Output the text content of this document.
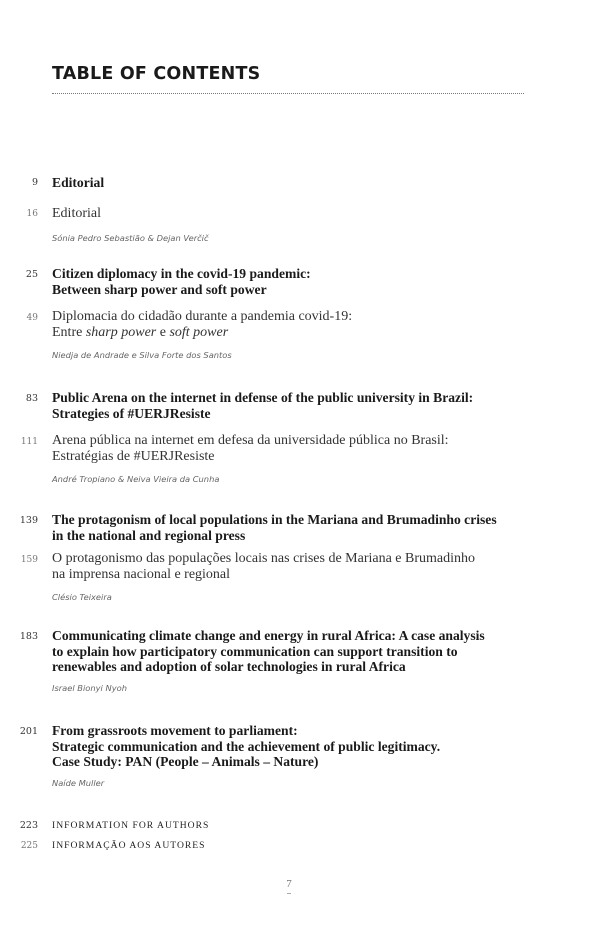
TABLE OF CONTENTS
9 Editorial
16 Editorial
Sónia Pedro Sebastião & Dejan Verčič
25 Citizen diplomacy in the covid-19 pandemic:
Between sharp power and soft power
49 Diplomacia do cidadão durante a pandemia covid-19:
Entre sharp power e soft power
Niedja de Andrade e Silva Forte dos Santos
83 Public Arena on the internet in defense of the public university in Brazil:
Strategies of #UERJResiste
111 Arena pública na internet em defesa da universidade pública no Brasil:
Estratégias de #UERJResiste
André Tropiano & Neiva Vieira da Cunha
139 The protagonism of local populations in the Mariana and Brumadinho crises
in the national and regional press
159 O protagonismo das populações locais nas crises de Mariana e Brumadinho
na imprensa nacional e regional
Clésio Teixeira
183 Communicating climate change and energy in rural Africa: A case analysis
to explain how participatory communication can support transition to
renewables and adoption of solar technologies in rural Africa
Israel Bionyi Nyoh
201 From grassroots movement to parliament:
Strategic communication and the achievement of public legitimacy.
Case Study: PAN (People – Animals – Nature)
Naíde Muller
223 INFORMATION FOR AUTHORS
225 INFORMAÇÃO AOS AUTORES
7
